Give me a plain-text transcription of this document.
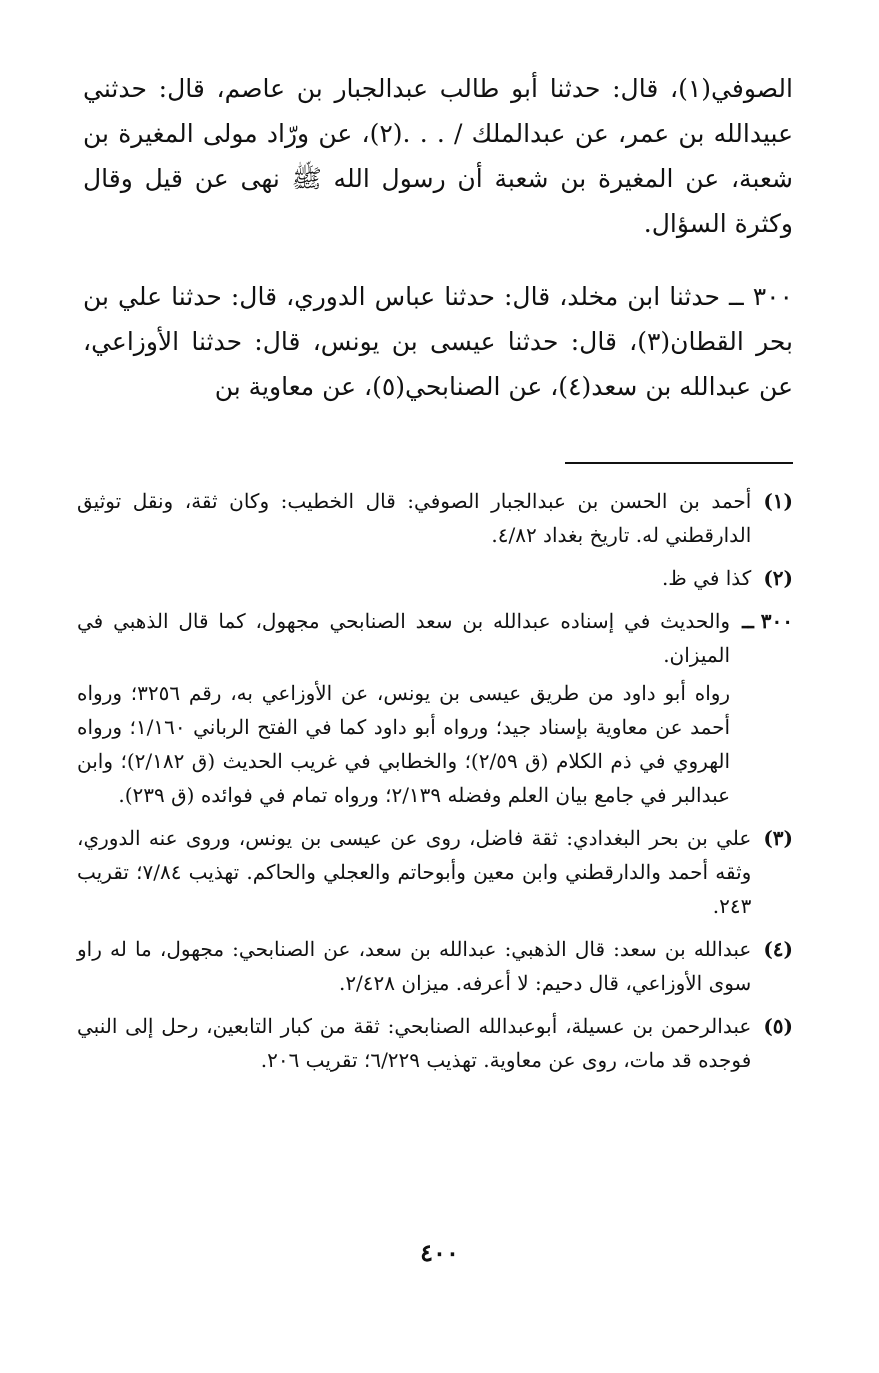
الصوفي(١)، قال: حدثنا أبو طالب عبدالجبار بن عاصم، قال: حدثني عبيدالله بن عمر، عن عبدالملك / . . .(٢)، عن ورّاد مولى المغيرة بن شعبة، عن المغيرة بن شعبة أن رسول الله ﷺ نهى عن قيل وقال وكثرة السؤال.

٣٠٠ ــ حدثنا ابن مخلد، قال: حدثنا عباس الدوري، قال: حدثنا علي بن بحر القطان(٣)، قال: حدثنا عيسى بن يونس، قال: حدثنا الأوزاعي، عن عبدالله بن سعد(٤)، عن الصنابحي(٥)، عن معاوية بن

(١)
أحمد بن الحسن بن عبدالجبار الصوفي: قال الخطيب: وكان ثقة، ونقل توثيق الدارقطني له. تاريخ بغداد ٤/٨٢.
(٢)
كذا في ظ.
٣٠٠ ــ
والحديث في إسناده عبدالله بن سعد الصنابحي مجهول، كما قال الذهبي في الميزان.
رواه أبو داود من طريق عيسى بن يونس، عن الأوزاعي به، رقم ٣٢٥٦؛ ورواه أحمد عن معاوية بإسناد جيد؛ ورواه أبو داود كما في الفتح الرباني ١/١٦٠؛ ورواه الهروي في ذم الكلام (ق ٢/٥٩)؛ والخطابي في غريب الحديث (ق ٢/١٨٢)؛ وابن عبدالبر في جامع بيان العلم وفضله ٢/١٣٩؛ ورواه تمام في فوائده (ق ٢٣٩).
(٣)
علي بن بحر البغدادي: ثقة فاضل، روى عن عيسى بن يونس، وروى عنه الدوري، وثقه أحمد والدارقطني وابن معين وأبوحاتم والعجلي والحاكم. تهذيب ٧/٨٤؛ تقريب ٢٤٣.
(٤)
عبدالله بن سعد: قال الذهبي: عبدالله بن سعد، عن الصنابحي: مجهول، ما له راو سوى الأوزاعي، قال دحيم: لا أعرفه. ميزان ٢/٤٢٨.
(٥)
عبدالرحمن بن عسيلة، أبوعبدالله الصنابحي: ثقة من كبار التابعين، رحل إلى النبي فوجده قد مات، روى عن معاوية. تهذيب ٦/٢٢٩؛ تقريب ٢٠٦.
٤٠٠
